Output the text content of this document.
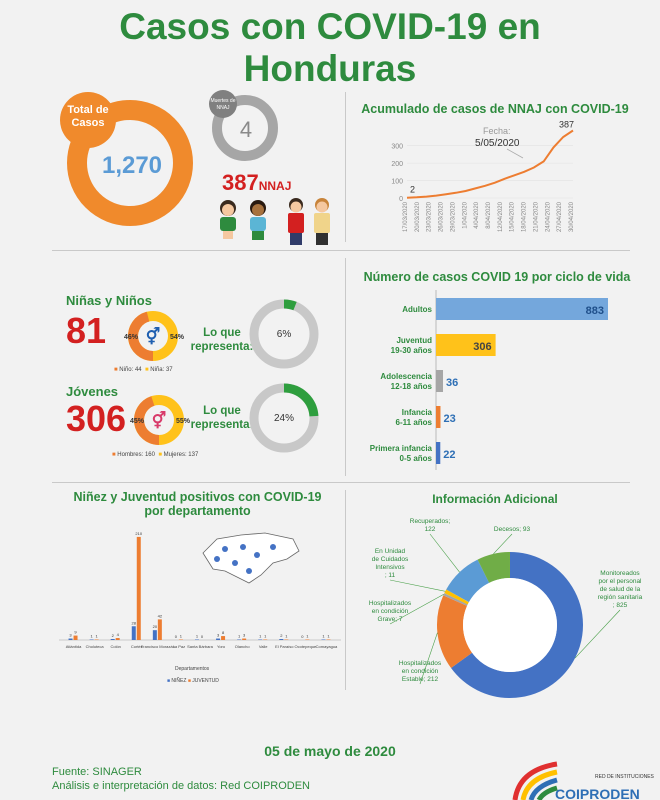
Casos con COVID-19 en
Honduras
Total de
Casos
1,270
Muertes de
NNAJ
4
387NNAJ
Acumulado de casos de NNAJ con COVID-19
0
100
200
300
17/03/2020 20/03/2020 23/03/2020 26/03/2020 29/03/2020 1/04/2020 4/04/2020 8/04/2020 12/04/2020 15/04/2020 18/04/2020 21/04/2020 24/04/2020 27/04/2020 30/04/2020
Fecha:
5/05/2020
2
387
Niñas y Niños
81 ⚥
46%	54%
■ Niño: 44 ■ Niña: 37
Lo que
representa:
6%
Jóvenes
306 ⚥
45%	55%
■ Hombres: 160 ■ Mujeres: 137
Lo que
representa:
24%
Número de casos COVID 19 por ciclo de vida
883
Adultos
306
Juventud
19-30 años
36
Adolescencia
12-18 años
23
Infancia
6-11 años
22
Primera infancia
0-5 años
Niñez y Juventud positivos con COVID-19
por departamento
3
9
Atlántida
1 1
Choluteca
2 4
Colón
28
210
Cortés
20
42
Francisco Morazán
0 1
La Paz
1 0
Santa Bárbara
3 8
Yoro
1 3
Olancho
1 1
Valle
2 1
El Paraíso
0 1
Ocotepeque
1 1
Comayagua
Departamentos
■ NIÑEZ ■ JUVENTUD
Información Adicional
Monitoreados
por el personal
de salud de la
región sanitaria
; 825
Hospitalizados
en condición
Estable; 212
Hospitalizados
en condición
Grave; 7
En Unidad
de Cuidados
Intensivos
; 11
Recuperados;
122	Decesos; 93
05 de mayo de 2020
Fuente: SINAGER
Análisis e interpretación de datos: Red COIPRODEN
RED DE INSTITUCIONES
COIPRODEN
